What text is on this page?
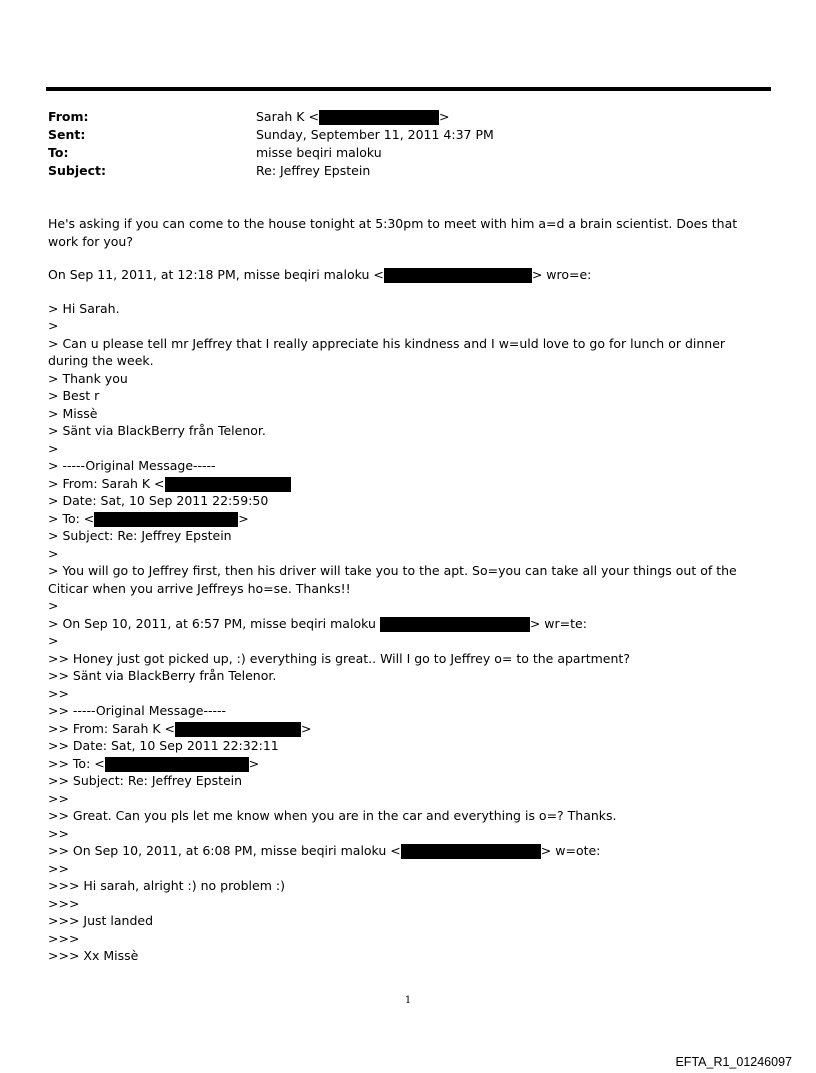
From:	Sarah K <	>
Sent:	Sunday, September 11, 2011 4:37 PM
To:	misse beqiri maloku
Subject:	Re: Jeffrey Epstein

He's asking if you can come to the house tonight at 5:30pm to meet with him a=d a brain scientist. Does that work for you?

On Sep 11, 2011, at 12:18 PM, misse beqiri maloku <	> wro=e:
> Hi Sarah.
>
> Can u please tell mr Jeffrey that I really appreciate his kindness and I w=uld love to go for lunch or dinner during the week.
> Thank you
> Best r
> Missè
> Sänt via BlackBerry från Telenor.
>
> -----Original Message-----
> From: Sarah K <
> Date: Sat, 10 Sep 2011 22:59:50
> To: <	>
> Subject: Re: Jeffrey Epstein
>
> You will go to Jeffrey first, then his driver will take you to the apt. So=you can take all your things out of the Citicar when you arrive Jeffreys ho=se. Thanks!!
>
> On Sep 10, 2011, at 6:57 PM, misse beqiri maloku	> wr=te:
>
>> Honey just got picked up, :) everything is great.. Will I go to Jeffrey o= to the apartment?
>> Sänt via BlackBerry från Telenor.
>>
>> -----Original Message-----
>> From: Sarah K <	>
>> Date: Sat, 10 Sep 2011 22:32:11
>> To: <	>
>> Subject: Re: Jeffrey Epstein
>>
>> Great. Can you pls let me know when you are in the car and everything is o=? Thanks.
>>
>> On Sep 10, 2011, at 6:08 PM, misse beqiri maloku <	> w=ote:
>>
>>> Hi sarah, alright :) no problem :)
>>>
>>> Just landed
>>>
>>> Xx Missè
1
EFTA_R1_01246097
